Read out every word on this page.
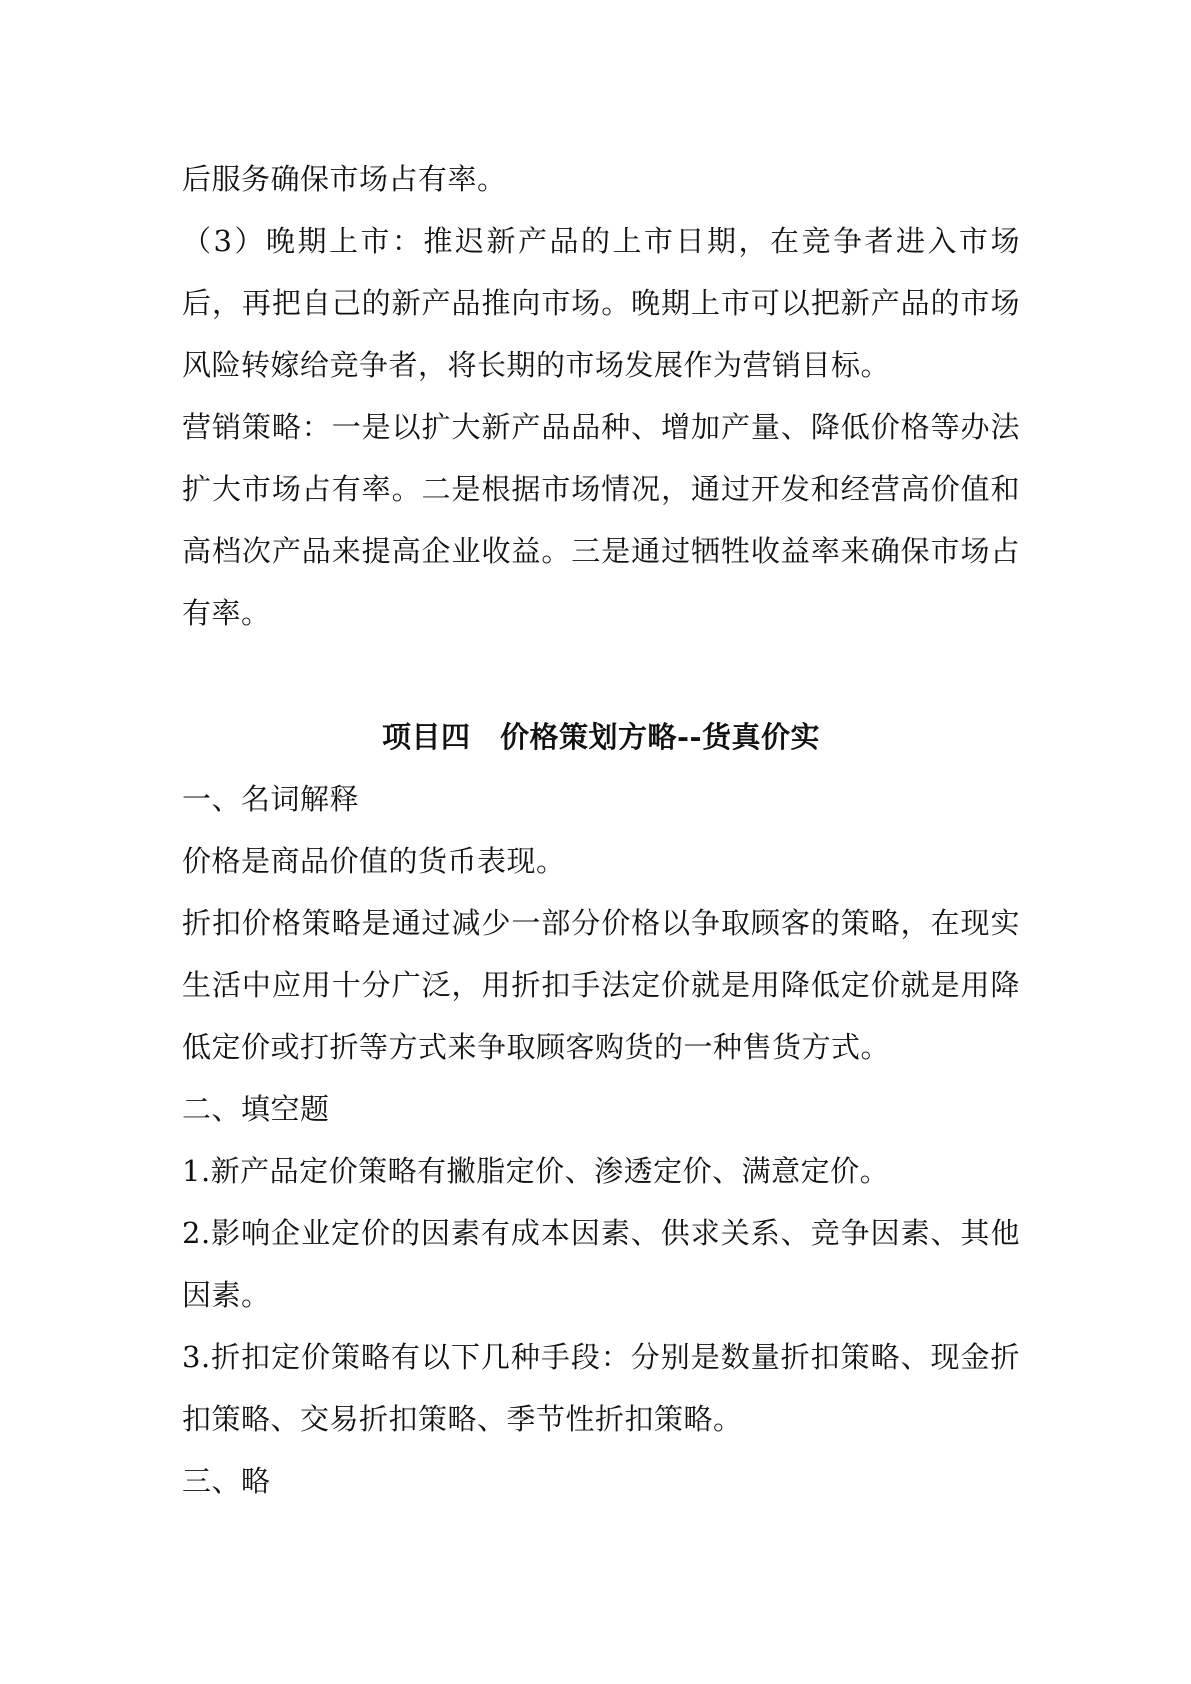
后服务确保市场占有率。

（3）晚期上市：推迟新产品的上市日期，在竞争者进入市场后，再把自己的新产品推向市场。晚期上市可以把新产品的市场风险转嫁给竞争者，将长期的市场发展作为营销目标。

营销策略：一是以扩大新产品品种、增加产量、降低价格等办法扩大市场占有率。二是根据市场情况，通过开发和经营高价值和高档次产品来提高企业收益。三是通过牺牲收益率来确保市场占有率。

项目四　价格策划方略--货真价实

一、名词解释

价格是商品价值的货币表现。

折扣价格策略是通过减少一部分价格以争取顾客的策略，在现实生活中应用十分广泛，用折扣手法定价就是用降低定价就是用降低定价或打折等方式来争取顾客购货的一种售货方式。

二、填空题

1.新产品定价策略有撇脂定价、渗透定价、满意定价。

2.影响企业定价的因素有成本因素、供求关系、竞争因素、其他因素。

3.折扣定价策略有以下几种手段：分别是数量折扣策略、现金折扣策略、交易折扣策略、季节性折扣策略。

三、略
